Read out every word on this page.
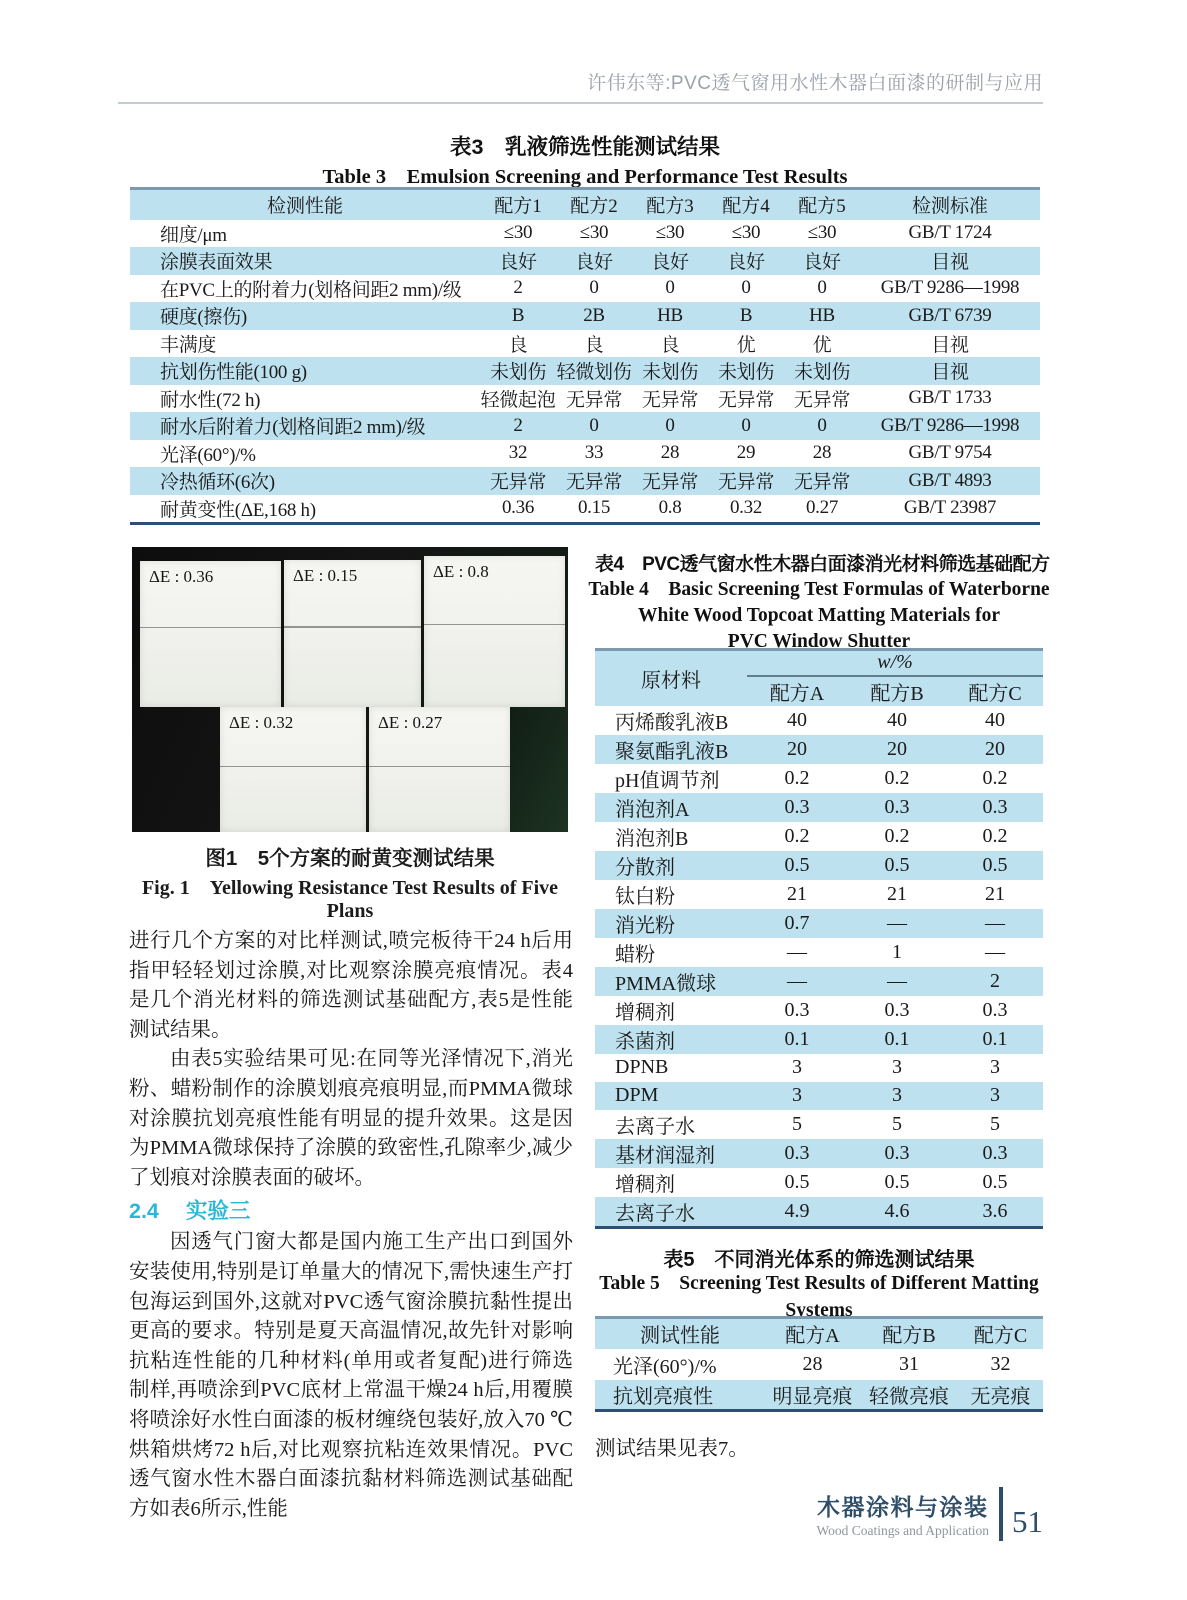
许伟东等:PVC透气窗用水性木器白面漆的研制与应用
表3　乳液筛选性能测试结果
Table 3　Emulsion Screening and Performance Test Results
检测性能	配方1	配方2	配方3	配方4	配方5	检测标准
细度/μm	≤30	≤30	≤30	≤30	≤30	GB/T 1724
涂膜表面效果	良好	良好	良好	良好	良好	目视
在PVC上的附着力(划格间距2 mm)/级	2	0	0	0	0	GB/T 9286—1998
硬度(擦伤)	B	2B	HB	B	HB	GB/T 6739
丰满度	良	良	良	优	优	目视
抗划伤性能(100 g)	未划伤	轻微划伤	未划伤	未划伤	未划伤	目视
耐水性(72 h)	轻微起泡	无异常	无异常	无异常	无异常	GB/T 1733
耐水后附着力(划格间距2 mm)/级	2	0	0	0	0	GB/T 9286—1998
光泽(60°)/%	32	33	28	29	28	GB/T 9754
冷热循环(6次)	无异常	无异常	无异常	无异常	无异常	GB/T 4893
耐黄变性(ΔE,168 h)	0.36	0.15	0.8	0.32	0.27	GB/T 23987
ΔE : 0.36	ΔE : 0.15	ΔE : 0.8
ΔE : 0.32	ΔE : 0.27
图1　5个方案的耐黄变测试结果
Fig. 1　Yellowing Resistance Test Results of Five Plans

进行几个方案的对比样测试,喷完板待干24 h后用指甲轻轻划过涂膜,对比观察涂膜亮痕情况。表4是几个消光材料的筛选测试基础配方,表5是性能测试结果。

由表5实验结果可见:在同等光泽情况下,消光粉、蜡粉制作的涂膜划痕亮痕明显,而PMMA微球对涂膜抗划亮痕性能有明显的提升效果。这是因为PMMA微球保持了涂膜的致密性,孔隙率少,减少了划痕对涂膜表面的破坏。

2.4 实验三

因透气门窗大都是国内施工生产出口到国外安装使用,特别是订单量大的情况下,需快速生产打包海运到国外,这就对PVC透气窗涂膜抗黏性提出更高的要求。特别是夏天高温情况,故先针对影响抗粘连性能的几种材料(单用或者复配)进行筛选制样,再喷涂到PVC底材上常温干燥24 h后,用覆膜将喷涂好水性白面漆的板材缠绕包装好,放入70 ℃烘箱烘烤72 h后,对比观察抗粘连效果情况。PVC透气窗水性木器白面漆抗黏材料筛选测试基础配方如表6所示,性能

表4　PVC透气窗水性木器白面漆消光材料筛选基础配方
Table 4　Basic Screening Test Formulas of Waterborne
White Wood Topcoat Matting Materials for
PVC Window Shutter
原材料	w/%		
	配方A	配方B	配方C
丙烯酸乳液B	40	40	40
聚氨酯乳液B	20	20	20
pH值调节剂	0.2	0.2	0.2
消泡剂A	0.3	0.3	0.3
消泡剂B	0.2	0.2	0.2
分散剂	0.5	0.5	0.5
钛白粉	21	21	21
消光粉	0.7	—	—
蜡粉	—	1	—
PMMA微球	—	—	2
增稠剂	0.3	0.3	0.3
杀菌剂	0.1	0.1	0.1
DPNB	3	3	3
DPM	3	3	3
去离子水	5	5	5
基材润湿剂	0.3	0.3	0.3
增稠剂	0.5	0.5	0.5
去离子水	4.9	4.6	3.6
表5　不同消光体系的筛选测试结果
Table 5　Screening Test Results of Different Matting
Systems
测试性能	配方A	配方B	配方C
光泽(60°)/%	28	31	32
抗划亮痕性	明显亮痕	轻微亮痕	无亮痕
测试结果见表7。
木器涂料与涂装
Wood Coatings and Application 51
